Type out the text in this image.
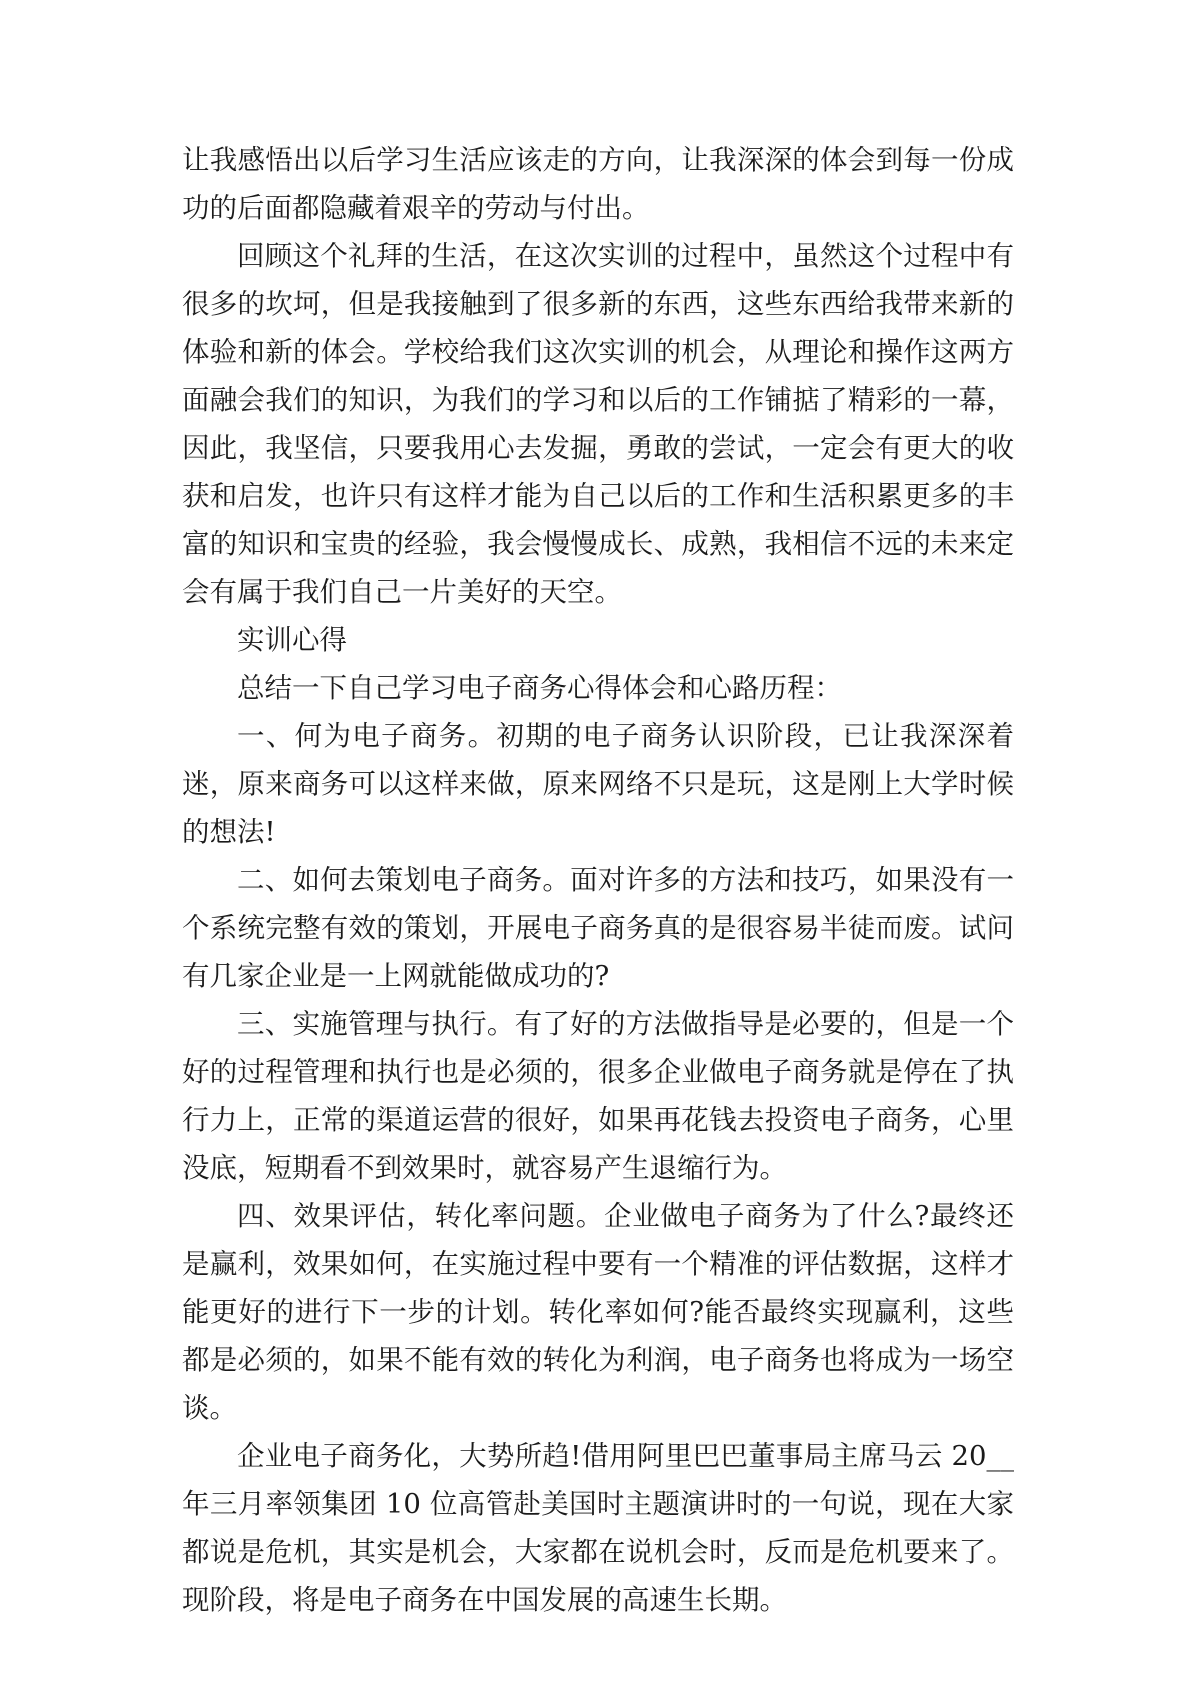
让我感悟出以后学习生活应该走的方向，让我深深的体会到每一份成功的后面都隐藏着艰辛的劳动与付出。

回顾这个礼拜的生活，在这次实训的过程中，虽然这个过程中有很多的坎坷，但是我接触到了很多新的东西，这些东西给我带来新的体验和新的体会。学校给我们这次实训的机会，从理论和操作这两方面融会我们的知识，为我们的学习和以后的工作铺掂了精彩的一幕，因此，我坚信，只要我用心去发掘，勇敢的尝试，一定会有更大的收获和启发，也许只有这样才能为自己以后的工作和生活积累更多的丰富的知识和宝贵的经验，我会慢慢成长、成熟，我相信不远的未来定会有属于我们自己一片美好的天空。

实训心得

总结一下自己学习电子商务心得体会和心路历程：

一、何为电子商务。初期的电子商务认识阶段，已让我深深着迷，原来商务可以这样来做，原来网络不只是玩，这是刚上大学时候的想法!

二、如何去策划电子商务。面对许多的方法和技巧，如果没有一个系统完整有效的策划，开展电子商务真的是很容易半徒而废。试问有几家企业是一上网就能做成功的?

三、实施管理与执行。有了好的方法做指导是必要的，但是一个好的过程管理和执行也是必须的，很多企业做电子商务就是停在了执行力上，正常的渠道运营的很好，如果再花钱去投资电子商务，心里没底，短期看不到效果时，就容易产生退缩行为。

四、效果评估，转化率问题。企业做电子商务为了什么?最终还是赢利，效果如何，在实施过程中要有一个精准的评估数据，这样才能更好的进行下一步的计划。转化率如何?能否最终实现赢利，这些都是必须的，如果不能有效的转化为利润，电子商务也将成为一场空谈。

企业电子商务化，大势所趋!借用阿里巴巴董事局主席马云 20__年三月率领集团 10 位高管赴美国时主题演讲时的一句说，现在大家都说是危机，其实是机会，大家都在说机会时，反而是危机要来了。现阶段，将是电子商务在中国发展的高速生长期。
